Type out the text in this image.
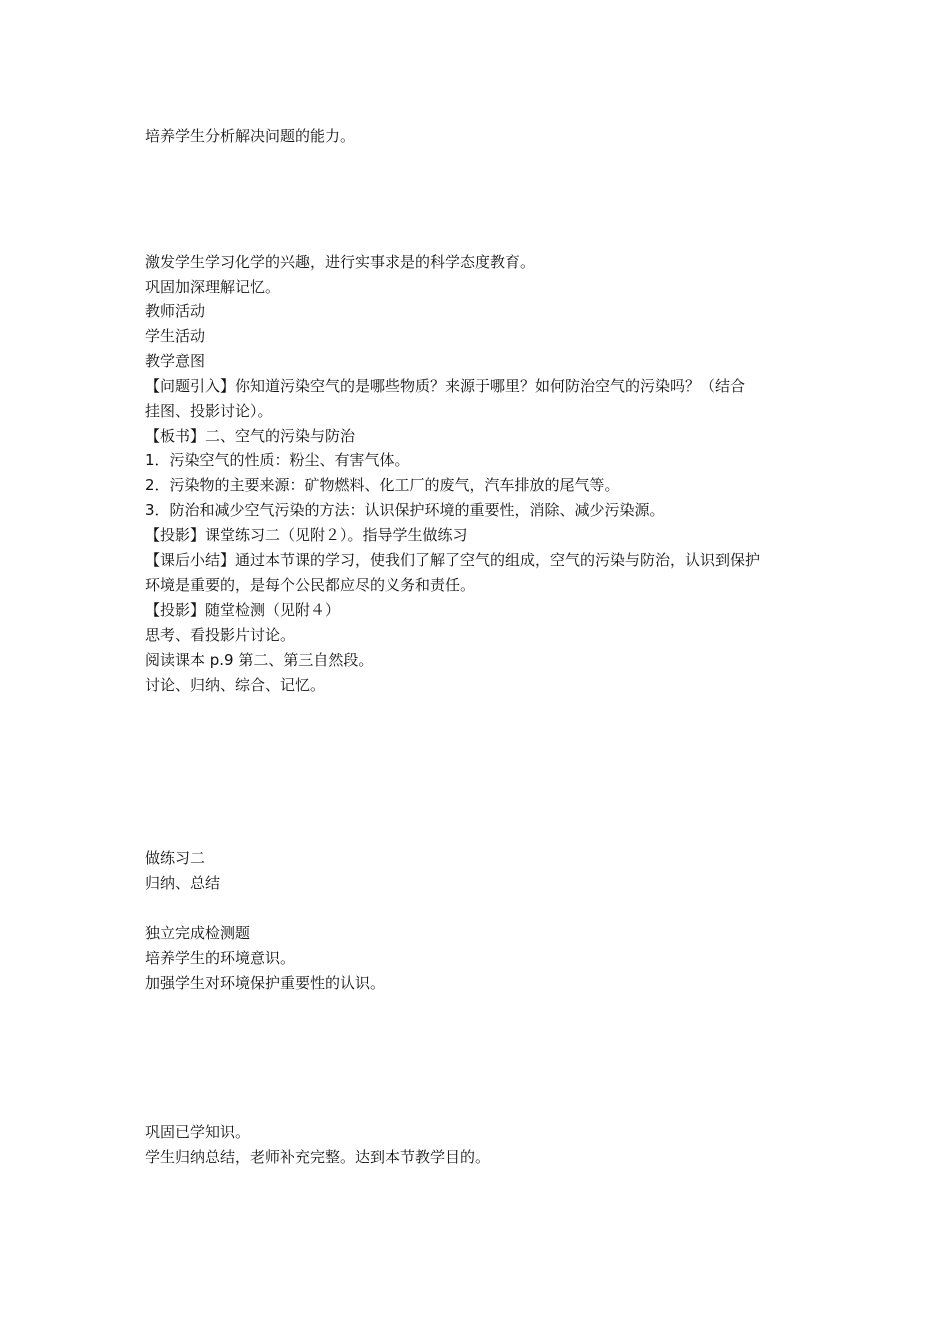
培养学生分析解决问题的能力。
激发学生学习化学的兴趣，进行实事求是的科学态度教育。
巩固加深理解记忆。
教师活动
学生活动
教学意图
【问题引入】你知道污染空气的是哪些物质？来源于哪里？如何防治空气的污染吗？（结合
挂图、投影讨论）。
【板书】二、空气的污染与防治
1．污染空气的性质：粉尘、有害气体。
2．污染物的主要来源：矿物燃料、化工厂的废气，汽车排放的尾气等。
3．防治和减少空气污染的方法：认识保护环境的重要性，消除、减少污染源。
【投影】课堂练习二（见附２）。指导学生做练习
【课后小结】通过本节课的学习，使我们了解了空气的组成，空气的污染与防治，认识到保护
环境是重要的，是每个公民都应尽的义务和责任。
【投影】随堂检测（见附４）
思考、看投影片讨论。
阅读课本 p.9 第二、第三自然段。
讨论、归纳、综合、记忆。
做练习二
归纳、总结
独立完成检测题
培养学生的环境意识。
加强学生对环境保护重要性的认识。
巩固已学知识。
学生归纳总结，老师补充完整。达到本节教学目的。
